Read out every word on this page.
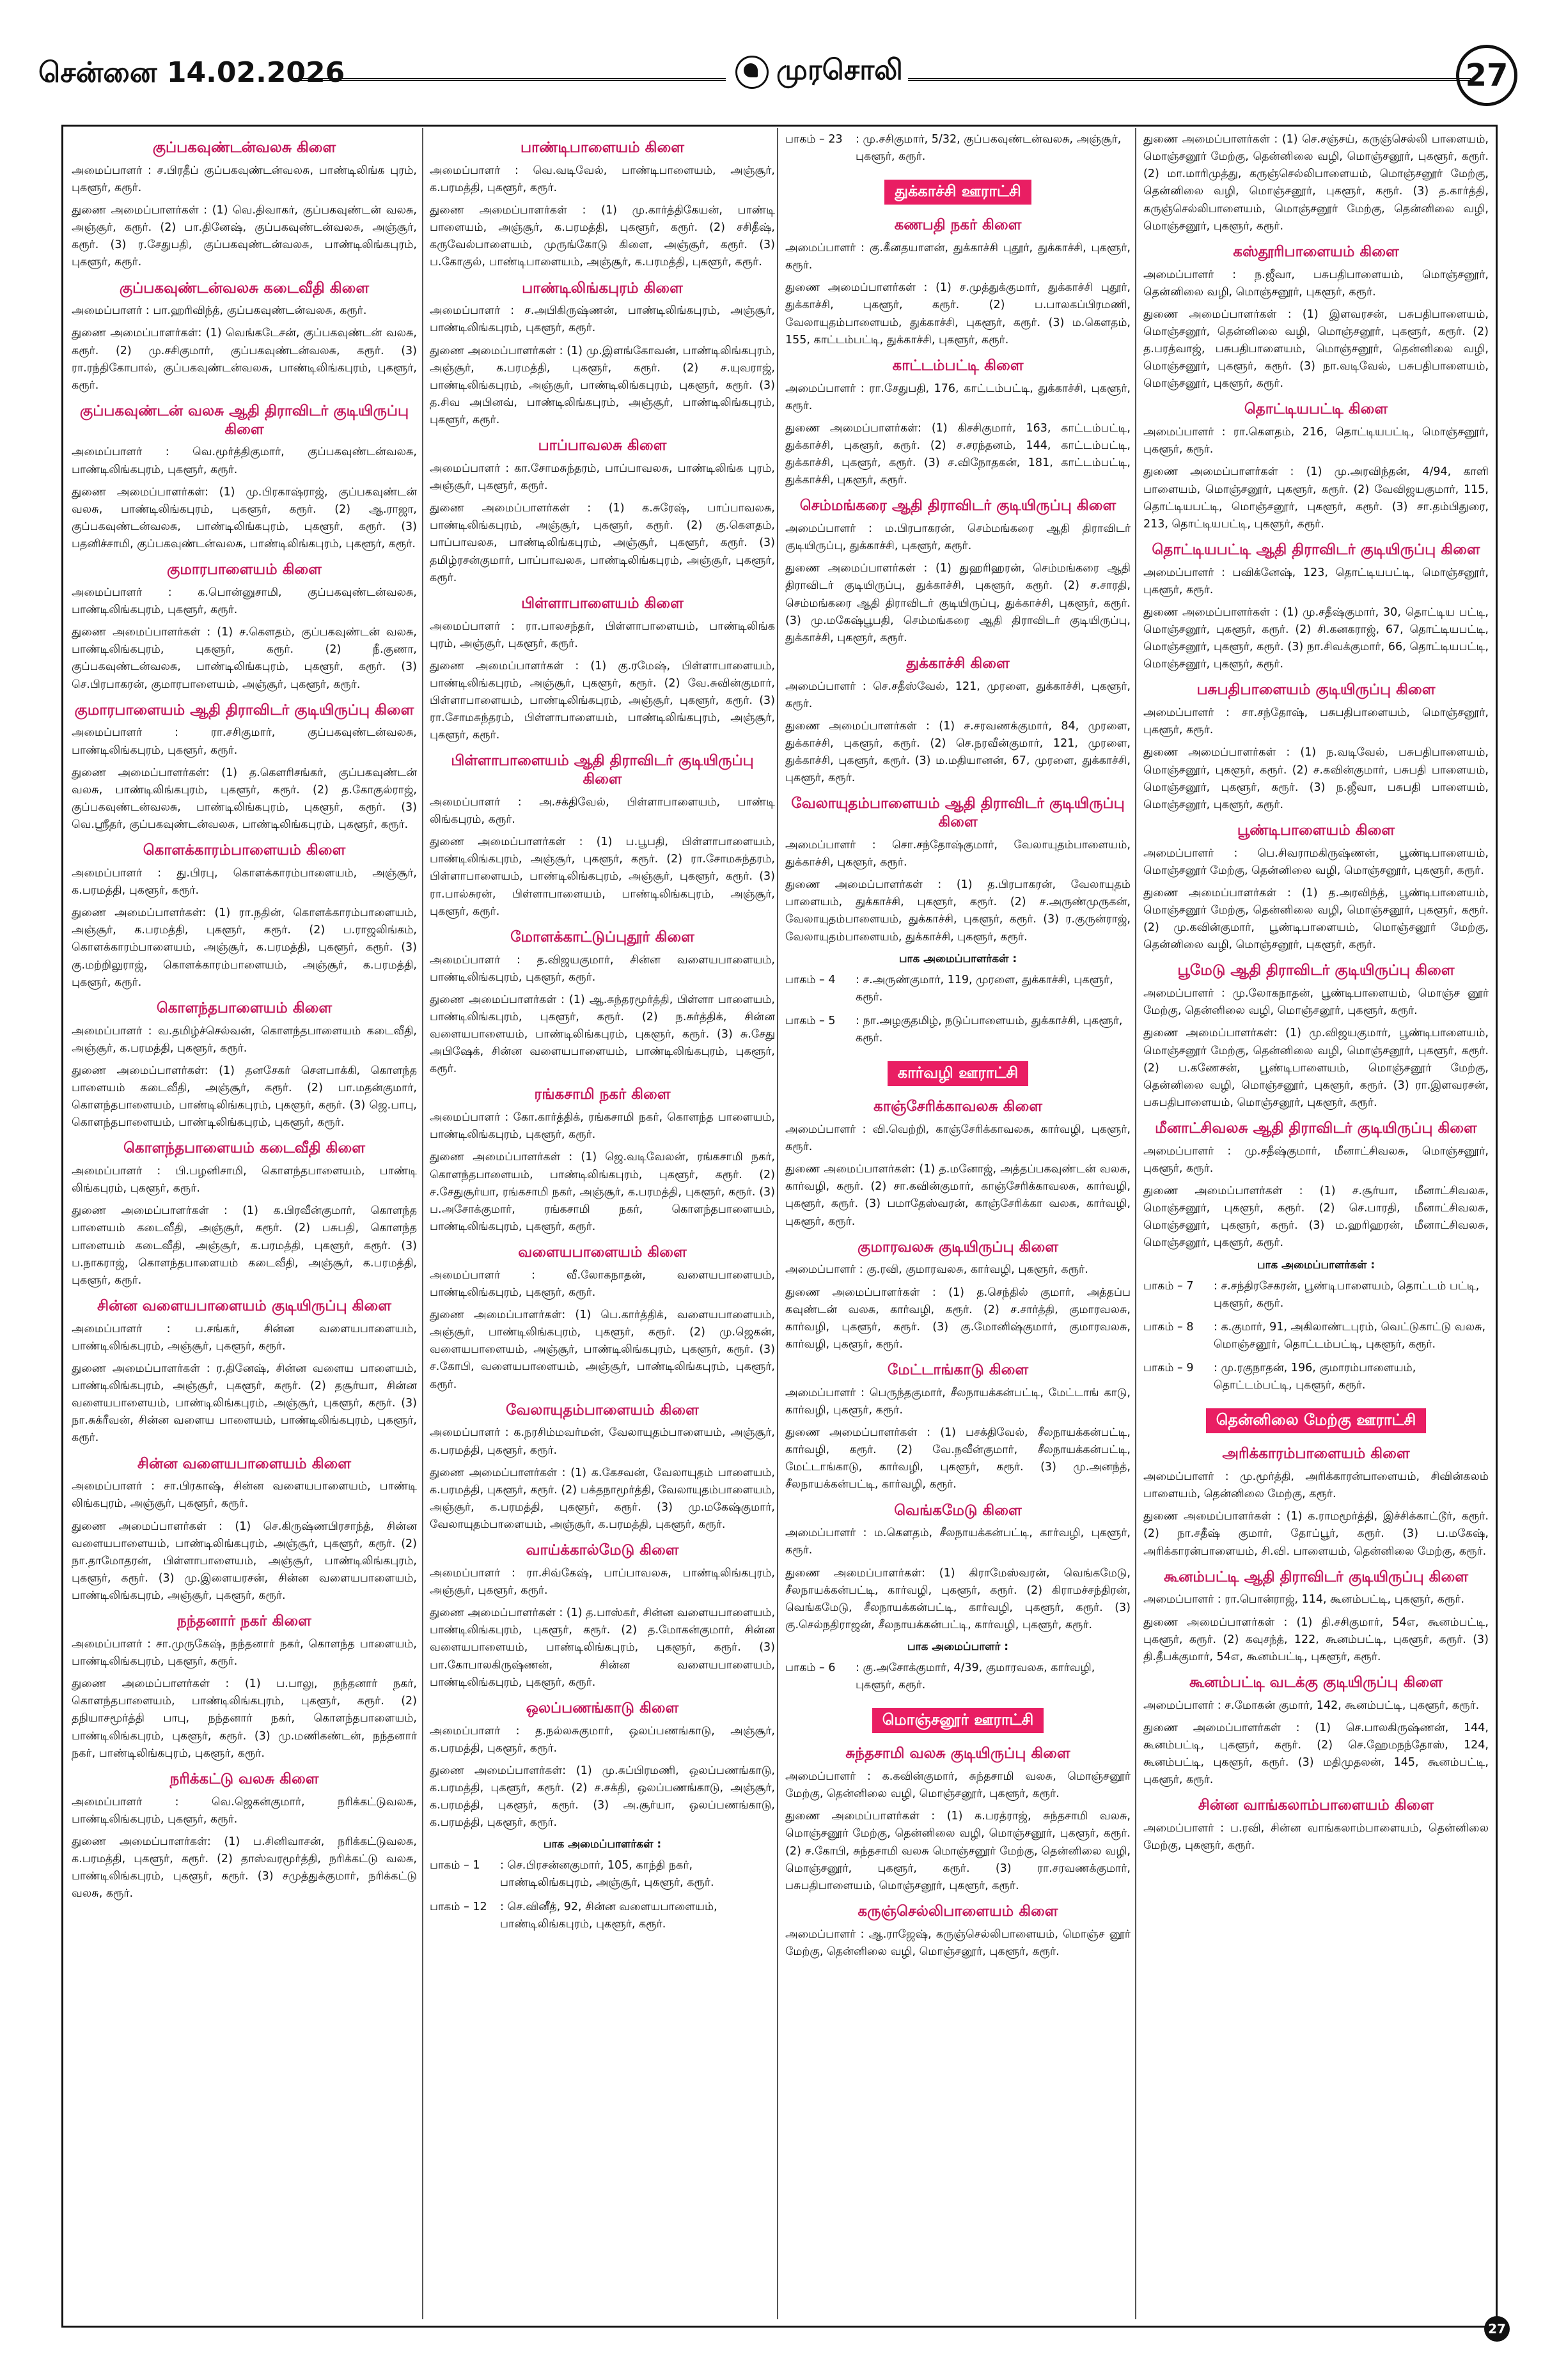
சென்னை 14.02.2026	முரசொலி	27
குப்பகவுண்டன்வலசு கிளை
அமைப்பாளர் : ச.பிரதீப் குப்பகவுண்டன்வலசு, பாண்டிலிங்க புரம், புகளூர், கரூர்.
துணை அமைப்பாளர்கள் : (1) வெ.திவாகர், குப்பகவுண்டன் வலசு, அஞ்சூர், கரூர். (2) பா.தினேஷ், குப்பகவுண்டன்வலசு, அஞ்சூர், கரூர். (3) ர.சேதுபதி, குப்பகவுண்டன்வலசு, பாண்டிலிங்கபுரம், புகளூர், கரூர்.
குப்பகவுண்டன்வலசு கடைவீதி கிளை
அமைப்பாளர் : பா.ஹரிவிந்த், குப்பகவுண்டன்வலசு, கரூர்.
துணை அமைப்பாளர்கள்: (1) வெங்கடேசன், குப்பகவுண்டன் வலசு, கரூர். (2) மு.சசிகுமார், குப்பகவுண்டன்வலசு, கரூர். (3) ரா.ரந்திகோபால், குப்பகவுண்டன்வலசு, பாண்டிலிங்கபுரம், புகளூர், கரூர்.
குப்பகவுண்டன் வலசு ஆதி திராவிடர் குடியிருப்பு கிளை
அமைப்பாளர் : வெ.மூர்த்திகுமார், குப்பகவுண்டன்வலசு, பாண்டிலிங்கபுரம், புகளூர், கரூர்.
துணை அமைப்பாளர்கள்: (1) மு.பிரகாஷ்ராஜ், குப்பகவுண்டன் வலசு, பாண்டிலிங்கபுரம், புகளூர், கரூர். (2) ஆ.ராஜா, குப்பகவுண்டன்வலசு, பாண்டிலிங்கபுரம், புகளூர், கரூர். (3) பதனிச்சாமி, குப்பகவுண்டன்வலசு, பாண்டிலிங்கபுரம், புகளூர், கரூர்.
குமாரபாளையம் கிளை
அமைப்பாளர் : க.பொன்னுசாமி, குப்பகவுண்டன்வலசு, பாண்டிலிங்கபுரம், புகளூர், கரூர்.
துணை அமைப்பாளர்கள் : (1) ச.கௌதம், குப்பகவுண்டன் வலசு, பாண்டிலிங்கபுரம், புகளூர், கரூர். (2) நீ.குணா, குப்பகவுண்டன்வலசு, பாண்டிலிங்கபுரம், புகளூர், கரூர். (3) செ.பிரபாகரன், குமாரபாளையம், அஞ்சூர், புகளூர், கரூர்.
குமாரபாளையம் ஆதி திராவிடர் குடியிருப்பு கிளை
அமைப்பாளர் : ரா.சசிகுமார், குப்பகவுண்டன்வலசு, பாண்டிலிங்கபுரம், புகளூர், கரூர்.
துணை அமைப்பாளர்கள்: (1) த.கௌரிசங்கர், குப்பகவுண்டன் வலசு, பாண்டிலிங்கபுரம், புகளூர், கரூர். (2) த.கோகுல்ராஜ், குப்பகவுண்டன்வலசு, பாண்டிலிங்கபுரம், புகளூர், கரூர். (3) வெ.ஸ்ரீதர், குப்பகவுண்டன்வலசு, பாண்டிலிங்கபுரம், புகளூர், கரூர்.
கொளக்காரம்பாளையம் கிளை
அமைப்பாளர் : து.பிரபு, கொளக்காரம்பாளையம், அஞ்சூர், க.பரமத்தி, புகளூர், கரூர்.
துணை அமைப்பாளர்கள்: (1) ரா.நதின், கொளக்காரம்பாளையம், அஞ்சூர், க.பரமத்தி, புகளூர், கரூர். (2) ப.ராஜலிங்கம், கொளக்காரம்பாளையம், அஞ்சூர், க.பரமத்தி, புகளூர், கரூர். (3) கு.மற்றிலுராஜ், கொளக்காரம்பாளையம், அஞ்சூர், க.பரமத்தி, புகளூர், கரூர்.
கொளந்தபாளையம் கிளை
அமைப்பாளர் : வ.தமிழ்ச்செல்வன், கொளந்தபாளையம் கடைவீதி, அஞ்சூர், க.பரமத்தி, புகளூர், கரூர்.
துணை அமைப்பாளர்கள்: (1) தனசேகர் சௌபாக்கி, கொளந்த பாளையம் கடைவீதி, அஞ்சூர், கரூர். (2) பா.மதன்குமார், கொளந்தபாளையம், பாண்டிலிங்கபுரம், புகளூர், கரூர். (3) ஜெ.பாபு, கொளந்தபாளையம், பாண்டிலிங்கபுரம், புகளூர், கரூர்.
கொளந்தபாளையம் கடைவீதி கிளை
அமைப்பாளர் : பி.பழனிசாமி, கொளந்தபாளையம், பாண்டி லிங்கபுரம், புகளூர், கரூர்.
துணை அமைப்பாளர்கள் : (1) க.பிரவீன்குமார், கொளந்த பாளையம் கடைவீதி, அஞ்சூர், கரூர். (2) பசுபதி, கொளந்த பாளையம் கடைவீதி, அஞ்சூர், க.பரமத்தி, புகளூர், கரூர். (3) ப.நாகராஜ், கொளந்தபாளையம் கடைவீதி, அஞ்சூர், க.பரமத்தி, புகளூர், கரூர்.
சின்ன வளையபாளையம் குடியிருப்பு கிளை
அமைப்பாளர் : ப.சங்கர், சின்ன வளையபாளையம், பாண்டிலிங்கபுரம், அஞ்சூர், புகளூர், கரூர்.
துணை அமைப்பாளர்கள் : ர.தினேஷ், சின்ன வளைய பாளையம், பாண்டிலிங்கபுரம், அஞ்சூர், புகளூர், கரூர். (2) தசூர்யா, சின்ன வளையபாளையம், பாண்டிலிங்கபுரம், அஞ்சூர், புகளூர், கரூர். (3) நா.சுக்ரீவன், சின்ன வளைய பாளையம், பாண்டிலிங்கபுரம், புகளூர், கரூர்.
சின்ன வளையபாளையம் கிளை
அமைப்பாளர் : சா.பிரகாஷ், சின்ன வளையபாளையம், பாண்டி லிங்கபுரம், அஞ்சூர், புகளூர், கரூர்.
துணை அமைப்பாளர்கள் : (1) செ.கிருஷ்ணபிரசாந்த், சின்ன வளையபாளையம், பாண்டிலிங்கபுரம், அஞ்சூர், புகளூர், கரூர். (2) நா.தாமோதரன், பிள்ளாபாளையம், அஞ்சூர், பாண்டிலிங்கபுரம், புகளூர், கரூர். (3) மு.இளையரசன், சின்ன வளையபாளையம், பாண்டிலிங்கபுரம், அஞ்சூர், புகளூர், கரூர்.
நந்தனார் நகர் கிளை
அமைப்பாளர் : சா.முருகேஷ், நந்தனார் நகர், கொளந்த பாளையம், பாண்டிலிங்கபுரம், புகளூர், கரூர்.
துணை அமைப்பாளர்கள் : (1) ப.பாலு, நந்தனார் நகர், கொளந்தபாளையம், பாண்டிலிங்கபுரம், புகளூர், கரூர். (2) தநியாசமூர்த்தி பாபு, நந்தனார் நகர், கொளந்தபாளையம், பாண்டிலிங்கபுரம், புகளூர், கரூர். (3) மு.மணிகண்டன், நந்தனார் நகர், பாண்டிலிங்கபுரம், புகளூர், கரூர்.
நரிக்கட்டு வலசு கிளை
அமைப்பாளர் : வெ.ஜெகன்குமார், நரிக்கட்டுவலசு, பாண்டிலிங்கபுரம், புகளூர், கரூர்.
துணை அமைப்பாளர்கள்: (1) ப.சினிவாசன், நரிக்கட்டுவலசு, க.பரமத்தி, புகளூர், கரூர். (2) தாஸ்வரமூர்த்தி, நரிக்கட்டு வலசு, பாண்டிலிங்கபுரம், புகளூர், கரூர். (3) சமுத்துக்குமார், நரிக்கட்டு வலசு, கரூர்.
பாண்டிபாளையம் கிளை
அமைப்பாளர் : வெ.வடிவேல், பாண்டிபாளையம், அஞ்சூர், க.பரமத்தி, புகளூர், கரூர்.
துணை அமைப்பாளர்கள் : (1) மு.கார்த்திகேயன், பாண்டி பாளையம், அஞ்சூர், க.பரமத்தி, புகளூர், கரூர். (2) சசிதீஷ், கருவேல்பாளையம், முருங்கோடு கிளை, அஞ்சூர், கரூர். (3) ப.கோகுல், பாண்டிபாளையம், அஞ்சூர், க.பரமத்தி, புகளூர், கரூர்.
பாண்டிலிங்கபுரம் கிளை
அமைப்பாளர் : ச.அபிகிருஷ்ணன், பாண்டிலிங்கபுரம், அஞ்சூர், பாண்டிலிங்கபுரம், புகளூர், கரூர்.
துணை அமைப்பாளர்கள் : (1) மு.இளங்கோவன், பாண்டிலிங்கபுரம், அஞ்சூர், க.பரமத்தி, புகளூர், கரூர். (2) ச.யுவராஜ், பாண்டிலிங்கபுரம், அஞ்சூர், பாண்டிலிங்கபுரம், புகளூர், கரூர். (3) த.சிவ அபினவ், பாண்டிலிங்கபுரம், அஞ்சூர், பாண்டிலிங்கபுரம், புகளூர், கரூர்.
பாப்பாவலசு கிளை
அமைப்பாளர் : கா.சோமசுந்தரம், பாப்பாவலசு, பாண்டிலிங்க புரம், அஞ்சூர், புகளூர், கரூர்.
துணை அமைப்பாளர்கள் : (1) க.சுரேஷ், பாப்பாவலசு, பாண்டிலிங்கபுரம், அஞ்சூர், புகளூர், கரூர். (2) கு.கௌதம், பாப்பாவலசு, பாண்டிலிங்கபுரம், அஞ்சூர், புகளூர், கரூர். (3) தமிழ்ரசன்குமார், பாப்பாவலசு, பாண்டிலிங்கபுரம், அஞ்சூர், புகளூர், கரூர்.
பிள்ளாபாளையம் கிளை
அமைப்பாளர் : ரா.பாலசந்தர், பிள்ளாபாளையம், பாண்டிலிங்க புரம், அஞ்சூர், புகளூர், கரூர்.
துணை அமைப்பாளர்கள் : (1) கு.ரமேஷ், பிள்ளாபாளையம், பாண்டிலிங்கபுரம், அஞ்சூர், புகளூர், கரூர். (2) வே.சுவின்குமார், பிள்ளாபாளையம், பாண்டிலிங்கபுரம், அஞ்சூர், புகளூர், கரூர். (3) ரா.சோமசுந்தரம், பிள்ளாபாளையம், பாண்டிலிங்கபுரம், அஞ்சூர், புகளூர், கரூர்.
பிள்ளாபாளையம் ஆதி திராவிடர் குடியிருப்பு கிளை
அமைப்பாளர் : அ.சக்திவேல், பிள்ளாபாளையம், பாண்டி லிங்கபுரம், கரூர்.
துணை அமைப்பாளர்கள் : (1) ப.பூபதி, பிள்ளாபாளையம், பாண்டிலிங்கபுரம், அஞ்சூர், புகளூர், கரூர். (2) ரா.சோமசுந்தரம், பிள்ளாபாளையம், பாண்டிலிங்கபுரம், அஞ்சூர், புகளூர், கரூர். (3) ரா.பால்சுரன், பிள்ளாபாளையம், பாண்டிலிங்கபுரம், அஞ்சூர், புகளூர், கரூர்.
மோளக்காட்டுப்புதூர் கிளை
அமைப்பாளர் : த.விஜயகுமார், சின்ன வளையபாளையம், பாண்டிலிங்கபுரம், புகளூர், கரூர்.
துணை அமைப்பாளர்கள் : (1) ஆ.சுந்தரமூர்த்தி, பிள்ளா பாளையம், பாண்டிலிங்கபுரம், புகளூர், கரூர். (2) ந.சுர்த்திக், சின்ன வளையபாளையம், பாண்டிலிங்கபுரம், புகளூர், கரூர். (3) சு.சேது அபிஷேக், சின்ன வளையபாளையம், பாண்டிலிங்கபுரம், புகளூர், கரூர்.
ரங்கசாமி நகர் கிளை
அமைப்பாளர் : கோ.கார்த்திக், ரங்கசாமி நகர், கொளந்த பாளையம், பாண்டிலிங்கபுரம், புகளூர், கரூர்.
துணை அமைப்பாளர்கள் : (1) ஜெ.வடிவேலன், ரங்கசாமி நகர், கொளந்தபாளையம், பாண்டிலிங்கபுரம், புகளூர், கரூர். (2) ச.சேதுசூர்யா, ரங்கசாமி நகர், அஞ்சூர், க.பரமத்தி, புகளூர், கரூர். (3) ப.அசோக்குமார், ரங்கசாமி நகர், கொளந்தபாளையம், பாண்டிலிங்கபுரம், புகளூர், கரூர்.
வளையபாளையம் கிளை
அமைப்பாளர் : வீ.லோகநாதன், வளையபாளையம், பாண்டிலிங்கபுரம், புகளூர், கரூர்.
துணை அமைப்பாளர்கள்: (1) பெ.கார்த்திக், வளையபாளையம், அஞ்சூர், பாண்டிலிங்கபுரம், புகளூர், கரூர். (2) மு.ஜெகன், வளையபாளையம், அஞ்சூர், பாண்டிலிங்கபுரம், புகளூர், கரூர். (3) ச.கோபி, வளையபாளையம், அஞ்சூர், பாண்டிலிங்கபுரம், புகளூர், கரூர்.
வேலாயுதம்பாளையம் கிளை
அமைப்பாளர் : க.நரசிம்மவர்மன், வேலாயுதம்பாளையம், அஞ்சூர், க.பரமத்தி, புகளூர், கரூர்.
துணை அமைப்பாளர்கள் : (1) க.கேசவன், வேலாயுதம் பாளையம், க.பரமத்தி, புகளூர், கரூர். (2) பக்தநாமூர்த்தி, வேலாயுதம்பாளையம், அஞ்சூர், க.பரமத்தி, புகளூர், கரூர். (3) மு.மகேஷ்குமார், வேலாயுதம்பாளையம், அஞ்சூர், க.பரமத்தி, புகளூர், கரூர்.
வாய்க்கால்மேடு கிளை
அமைப்பாளர் : ரா.சிவ்கேஷ், பாப்பாவலசு, பாண்டிலிங்கபுரம், அஞ்சூர், புகளூர், கரூர்.
துணை அமைப்பாளர்கள் : (1) த.பாஸ்கர், சின்ன வளையபாளையம், பாண்டிலிங்கபுரம், புகளூர், கரூர். (2) த.மோகன்குமார், சின்ன வளையபாளையம், பாண்டிலிங்கபுரம், புகளூர், கரூர். (3) பா.கோபாலகிருஷ்ணன், சின்ன வளையபாளையம், பாண்டிலிங்கபுரம், புகளூர், கரூர்.
ஒலப்பணங்காடு கிளை
அமைப்பாளர் : த.நல்லசுகுமார், ஒலப்பணங்காடு, அஞ்சூர், க.பரமத்தி, புகளூர், கரூர்.
துணை அமைப்பாளர்கள்: (1) மு.சுப்பிரமணி, ஒலப்பணங்காடு, க.பரமத்தி, புகளூர், கரூர். (2) ச.சக்தி, ஒலப்பணங்காடு, அஞ்சூர், க.பரமத்தி, புகளூர், கரூர். (3) அ.சூர்யா, ஒலப்பணங்காடு, க.பரமத்தி, புகளூர், கரூர்.
பாக அமைப்பாளர்கள் :
பாகம் – 1	: செ.பிரசன்னகுமார், 105, காந்தி நகர், பாண்டிலிங்கபுரம், அஞ்சூர், புகளூர், கரூர்.
பாகம் – 12	: செ.வினீத், 92, சின்ன வளையபாளையம், பாண்டிலிங்கபுரம், புகளூர், கரூர்.
பாகம் – 23	: மு.சசிகுமார், 5/32, குப்பகவுண்டன்வலசு, அஞ்சூர், புகளூர், கரூர்.
துக்காச்சி ஊராட்சி
கணபதி நகர் கிளை
அமைப்பாளர் : கு.கீனதயாளன், துக்காச்சி புதூர், துக்காச்சி, புகளூர், கரூர்.
துணை அமைப்பாளர்கள் : (1) ச.முத்துக்குமார், துக்காச்சி புதூர், துக்காச்சி, புகளூர், கரூர். (2) ப.பாலகப்பிரமணி, வேலாயுதம்பாளையம், துக்காச்சி, புகளூர், கரூர். (3) ம.கௌதம், 155, காட்டம்பட்டி, துக்காச்சி, புகளூர், கரூர்.
காட்டம்பட்டி கிளை
அமைப்பாளர் : ரா.சேதுபதி, 176, காட்டம்பட்டி, துக்காச்சி, புகளூர், கரூர்.
துணை அமைப்பாளர்கள்: (1) கிசசிகுமார், 163, காட்டம்பட்டி, துக்காச்சி, புகளூர், கரூர். (2) ச.சரந்தனம், 144, காட்டம்பட்டி, துக்காச்சி, புகளூர், கரூர். (3) ச.விநோதகன், 181, காட்டம்பட்டி, துக்காச்சி, புகளூர், கரூர்.
செம்மங்கரை ஆதி திராவிடர் குடியிருப்பு கிளை
அமைப்பாளர் : ம.பிரபாகரன், செம்மங்கரை ஆதி திராவிடர் குடியிருப்பு, துக்காச்சி, புகளூர், கரூர்.
துணை அமைப்பாளர்கள் : (1) துஹரிஹரன், செம்மங்கரை ஆதி திராவிடர் குடியிருப்பு, துக்காச்சி, புகளூர், கரூர். (2) ச.சாரதி, செம்மங்கரை ஆதி திராவிடர் குடியிருப்பு, துக்காச்சி, புகளூர், கரூர். (3) மு.மகேஷ்பூபதி, செம்மங்கரை ஆதி திராவிடர் குடியிருப்பு, துக்காச்சி, புகளூர், கரூர்.
துக்காச்சி கிளை
அமைப்பாளர் : செ.சதீஸ்வேல், 121, முரளை, துக்காச்சி, புகளூர், கரூர்.
துணை அமைப்பாளர்கள் : (1) ச.சரவணக்குமார், 84, முரளை, துக்காச்சி, புகளூர், கரூர். (2) செ.நரவீன்குமார், 121, முரளை, துக்காச்சி, புகளூர், கரூர். (3) ம.மதியானன், 67, முரளை, துக்காச்சி, புகளூர், கரூர்.
வேலாயுதம்பாளையம் ஆதி திராவிடர் குடியிருப்பு கிளை
அமைப்பாளர் : சொ.சந்தோஷ்குமார், வேலாயுதம்பாளையம், துக்காச்சி, புகளூர், கரூர்.
துணை அமைப்பாளர்கள் : (1) த.பிரபாகரன், வேலாயுதம் பாளையம், துக்காச்சி, புகளூர், கரூர். (2) ச.அருண்முருகன், வேலாயுதம்பாளையம், துக்காச்சி, புகளூர், கரூர். (3) ர.குருன்ராஜ், வேலாயுதம்பாளையம், துக்காச்சி, புகளூர், கரூர்.
பாக அமைப்பாளர்கள் :
பாகம் – 4	: ச.அருண்குமார், 119, முரளை, துக்காச்சி, புகளூர், கரூர்.
பாகம் – 5	: நா.அழகுதமிழ், நடுப்பாளையம், துக்காச்சி, புகளூர், கரூர்.
கார்வழி ஊராட்சி
காஞ்சேரிக்காவலசு கிளை
அமைப்பாளர் : வி.வெற்றி, காஞ்சேரிக்காவலசு, கார்வழி, புகளூர், கரூர்.
துணை அமைப்பாளர்கள்: (1) த.மனோஜ், அத்தப்பகவுண்டன் வலசு, கார்வழி, கரூர். (2) சா.கவின்குமார், காஞ்சேரிக்காவலசு, கார்வழி, புகளூர், கரூர். (3) பமாதேஸ்வரன், காஞ்சேரிக்கா வலசு, கார்வழி, புகளூர், கரூர்.
குமாரவலசு குடியிருப்பு கிளை
அமைப்பாளர் : கு.ரவி, குமாரவலசு, கார்வழி, புகளூர், கரூர்.
துணை அமைப்பாளர்கள் : (1) த.செந்தில் குமார், அத்தப்ப கவுண்டன் வலசு, கார்வழி, கரூர். (2) ச.சார்த்தி, குமாரவலசு, கார்வழி, புகளூர், கரூர். (3) கு.மோனிஷ்குமார், குமாரவலசு, கார்வழி, புகளூர், கரூர்.
மேட்டாங்காடு கிளை
அமைப்பாளர் : பெருந்தகுமார், சீலநாயக்கன்பட்டி, மேட்டாங் காடு, கார்வழி, புகளூர், கரூர்.
துணை அமைப்பாளர்கள் : (1) பசக்திவேல், சீலநாயக்கன்பட்டி, கார்வழி, கரூர். (2) வே.நவீன்குமார், சீலநாயக்கன்பட்டி, மேட்டாங்காடு, கார்வழி, புகளூர், கரூர். (3) மு.அனந்த், சீலநாயக்கன்பட்டி, கார்வழி, கரூர்.
வெங்கமேடு கிளை
அமைப்பாளர் : ம.கௌதம், சீலநாயக்கன்பட்டி, கார்வழி, புகளூர், கரூர்.
துணை அமைப்பாளர்கள்: (1) கிராமேஸ்வரன், வெங்கமேடு, சீலநாயக்கன்பட்டி, கார்வழி, புகளூர், கரூர். (2) கிராமச்சந்திரன், வெங்கமேடு, சீலநாயக்கன்பட்டி, கார்வழி, புகளூர், கரூர். (3) கு.செல்நதிராஜன், சீலநாயக்கன்பட்டி, கார்வழி, புகளூர், கரூர்.
பாக அமைப்பாளர் :
பாகம் – 6	: கு.அசோக்குமார், 4/39, குமாரவலசு, கார்வழி, புகளூர், கரூர்.
மொஞ்சனூர் ஊராட்சி
சுந்தசாமி வலசு குடியிருப்பு கிளை
அமைப்பாளர் : க.கவின்குமார், சுந்தசாமி வலசு, மொஞ்சனூர் மேற்கு, தென்னிலை வழி, மொஞ்சனூர், புகளூர், கரூர்.
துணை அமைப்பாளர்கள் : (1) க.பரத்ராஜ், சுந்தசாமி வலசு, மொஞ்சனூர் மேற்கு, தென்னிலை வழி, மொஞ்சனூர், புகளூர், கரூர். (2) ச.கோபி, சுந்தசாமி வலசு மொஞ்சனூர் மேற்கு, தென்னிலை வழி, மொஞ்சனூர், புகளூர், கரூர். (3) ரா.சரவணக்குமார், பசுபதிபாளையம், மொஞ்சனூர், புகளூர், கரூர்.
கருஞ்செல்லிபாளையம் கிளை
அமைப்பாளர் : ஆ.ராஜேஷ், கருஞ்செல்லிபாளையம், மொஞ்ச னூர் மேற்கு, தென்னிலை வழி, மொஞ்சனூர், புகளூர், கரூர்.
துணை அமைப்பாளர்கள் : (1) செ.சஞ்சய், கருஞ்செல்லி பாளையம், மொஞ்சனூர் மேற்கு, தென்னிலை வழி, மொஞ்சனூர், புகளூர், கரூர். (2) மா.மாரிமுத்து, கருஞ்செல்லிபாளையம், மொஞ்சனூர் மேற்கு, தென்னிலை வழி, மொஞ்சனூர், புகளூர், கரூர். (3) த.கார்த்தி, கருஞ்செல்லிபாளையம், மொஞ்சனூர் மேற்கு, தென்னிலை வழி, மொஞ்சனூர், புகளூர், கரூர்.
கஸ்தூரிபாளையம் கிளை
அமைப்பாளர் : ந.ஜீவா, பசுபதிபாளையம், மொஞ்சனூர், தென்னிலை வழி, மொஞ்சனூர், புகளூர், கரூர்.
துணை அமைப்பாளர்கள் : (1) இளவரசன், பசுபதிபாளையம், மொஞ்சனூர், தென்னிலை வழி, மொஞ்சனூர், புகளூர், கரூர். (2) த.பரத்வாஜ், பசுபதிபாளையம், மொஞ்சனூர், தென்னிலை வழி, மொஞ்சனூர், புகளூர், கரூர். (3) நா.வடிவேல், பசுபதிபாளையம், மொஞ்சனூர், புகளூர், கரூர்.
தொட்டியபட்டி கிளை
அமைப்பாளர் : ரா.கௌதம், 216, தொட்டியபட்டி, மொஞ்சனூர், புகளூர், கரூர்.
துணை அமைப்பாளர்கள் : (1) மு.அரவிந்தன், 4/94, காளி பாளையம், மொஞ்சனூர், புகளூர், கரூர். (2) வேவிஜயகுமார், 115, தொட்டியபட்டி, மொஞ்சனூர், புகளூர், கரூர். (3) சா.தம்பிதுரை, 213, தொட்டியபட்டி, புகளூர், கரூர்.
தொட்டியபட்டி ஆதி திராவிடர் குடியிருப்பு கிளை
அமைப்பாளர் : பவிக்னேஷ், 123, தொட்டியபட்டி, மொஞ்சனூர், புகளூர், கரூர்.
துணை அமைப்பாளர்கள் : (1) மு.சதீஷ்குமார், 30, தொட்டிய பட்டி, மொஞ்சனூர், புகளூர், கரூர். (2) சி.கனகராஜ், 67, தொட்டியபட்டி, மொஞ்சனூர், புகளூர், கரூர். (3) நா.சிவக்குமார், 66, தொட்டியபட்டி, மொஞ்சனூர், புகளூர், கரூர்.
பசுபதிபாளையம் குடியிருப்பு கிளை
அமைப்பாளர் : சா.சந்தோஷ், பசுபதிபாளையம், மொஞ்சனூர், புகளூர், கரூர்.
துணை அமைப்பாளர்கள் : (1) ந.வடிவேல், பசுபதிபாளையம், மொஞ்சனூர், புகளூர், கரூர். (2) ச.கவின்குமார், பசுபதி பாளையம், மொஞ்சனூர், புகளூர், கரூர். (3) ந.ஜீவா, பசுபதி பாளையம், மொஞ்சனூர், புகளூர், கரூர்.
பூண்டிபாளையம் கிளை
அமைப்பாளர் : பெ.சிவராமகிருஷ்ணன், பூண்டிபாளையம், மொஞ்சனூர் மேற்கு, தென்னிலை வழி, மொஞ்சனூர், புகளூர், கரூர்.
துணை அமைப்பாளர்கள் : (1) த.அரவிந்த், பூண்டிபாளையம், மொஞ்சனூர் மேற்கு, தென்னிலை வழி, மொஞ்சனூர், புகளூர், கரூர். (2) மு.கவின்குமார், பூண்டிபாளையம், மொஞ்சனூர் மேற்கு, தென்னிலை வழி, மொஞ்சனூர், புகளூர், கரூர்.
பூமேடு ஆதி திராவிடர் குடியிருப்பு கிளை
அமைப்பாளர் : மு.லோகநாதன், பூண்டிபாளையம், மொஞ்ச னூர் மேற்கு, தென்னிலை வழி, மொஞ்சனூர், புகளூர், கரூர்.
துணை அமைப்பாளர்கள்: (1) மு.விஜயகுமார், பூண்டிபாளையம், மொஞ்சனூர் மேற்கு, தென்னிலை வழி, மொஞ்சனூர், புகளூர், கரூர். (2) ப.கணேசன், பூண்டிபாளையம், மொஞ்சனூர் மேற்கு, தென்னிலை வழி, மொஞ்சனூர், புகளூர், கரூர். (3) ரா.இளவரசன், பசுபதிபாளையம், மொஞ்சனூர், புகளூர், கரூர்.
மீனாட்சிவலசு ஆதி திராவிடர் குடியிருப்பு கிளை
அமைப்பாளர் : மு.சதீஷ்குமார், மீனாட்சிவலசு, மொஞ்சனூர், புகளூர், கரூர்.
துணை அமைப்பாளர்கள் : (1) ச.சூர்யா, மீனாட்சிவலசு, மொஞ்சனூர், புகளூர், கரூர். (2) செ.பாரதி, மீனாட்சிவலசு, மொஞ்சனூர், புகளூர், கரூர். (3) ம.ஹரிஹரன், மீனாட்சிவலசு, மொஞ்சனூர், புகளூர், கரூர்.
பாக அமைப்பாளர்கள் :
பாகம் – 7	: ச.சந்திரசேகரன், பூண்டிபாளையம், தொட்டம் பட்டி, புகளூர், கரூர்.
பாகம் – 8	: க.குமார், 91, அகிலாண்டபுரம், வெட்டுகாட்டு வலசு, மொஞ்சனூர், தொட்டம்பட்டி, புகளூர், கரூர்.
பாகம் – 9	: மு.ரகுநாதன், 196, குமாரம்பாளையம், தொட்டம்பட்டி, புகளூர், கரூர்.
தென்னிலை மேற்கு ஊராட்சி
அரிக்காரம்பாளையம் கிளை
அமைப்பாளர் : மு.மூர்த்தி, அரிக்காரன்பாளையம், சிவின்கலம் பாளையம், தென்னிலை மேற்கு, கரூர்.
துணை அமைப்பாளர்கள் : (1) க.ராமமூர்த்தி, இச்சிக்காட்டூர், கரூர். (2) நா.சதீஷ் குமார், தோப்பூர், கரூர். (3) ப.மகேஷ், அரிக்காரன்பாளையம், சி.வி. பாளையம், தென்னிலை மேற்கு, கரூர்.
கூனம்பட்டி ஆதி திராவிடர் குடியிருப்பு கிளை
அமைப்பாளர் : ரா.பொன்ராஜ், 114, கூனம்பட்டி, புகளூர், கரூர்.
துணை அமைப்பாளர்கள் : (1) தி.சசிகுமார், 54எ, கூனம்பட்டி, புகளூர், கரூர். (2) கவுசந்த், 122, கூனம்பட்டி, புகளூர், கரூர். (3) தி.தீபக்குமார், 54எ, கூனம்பட்டி, புகளூர், கரூர்.
கூனம்பட்டி வடக்கு குடியிருப்பு கிளை
அமைப்பாளர் : ச.மோகன் குமார், 142, கூனம்பட்டி, புகளூர், கரூர்.
துணை அமைப்பாளர்கள் : (1) செ.பாலகிருஷ்ணன், 144, கூனம்பட்டி, புகளூர், கரூர். (2) செ.ஹேமநந்தோஸ், 124, கூனம்பட்டி, புகளூர், கரூர். (3) மதிமுதலன், 145, கூனம்பட்டி, புகளூர், கரூர்.
சின்ன வாங்கலாம்பாளையம் கிளை
அமைப்பாளர் : ப.ரவி, சின்ன வாங்கலாம்பாளையம், தென்னிலை மேற்கு, புகளூர், கரூர்.
27
